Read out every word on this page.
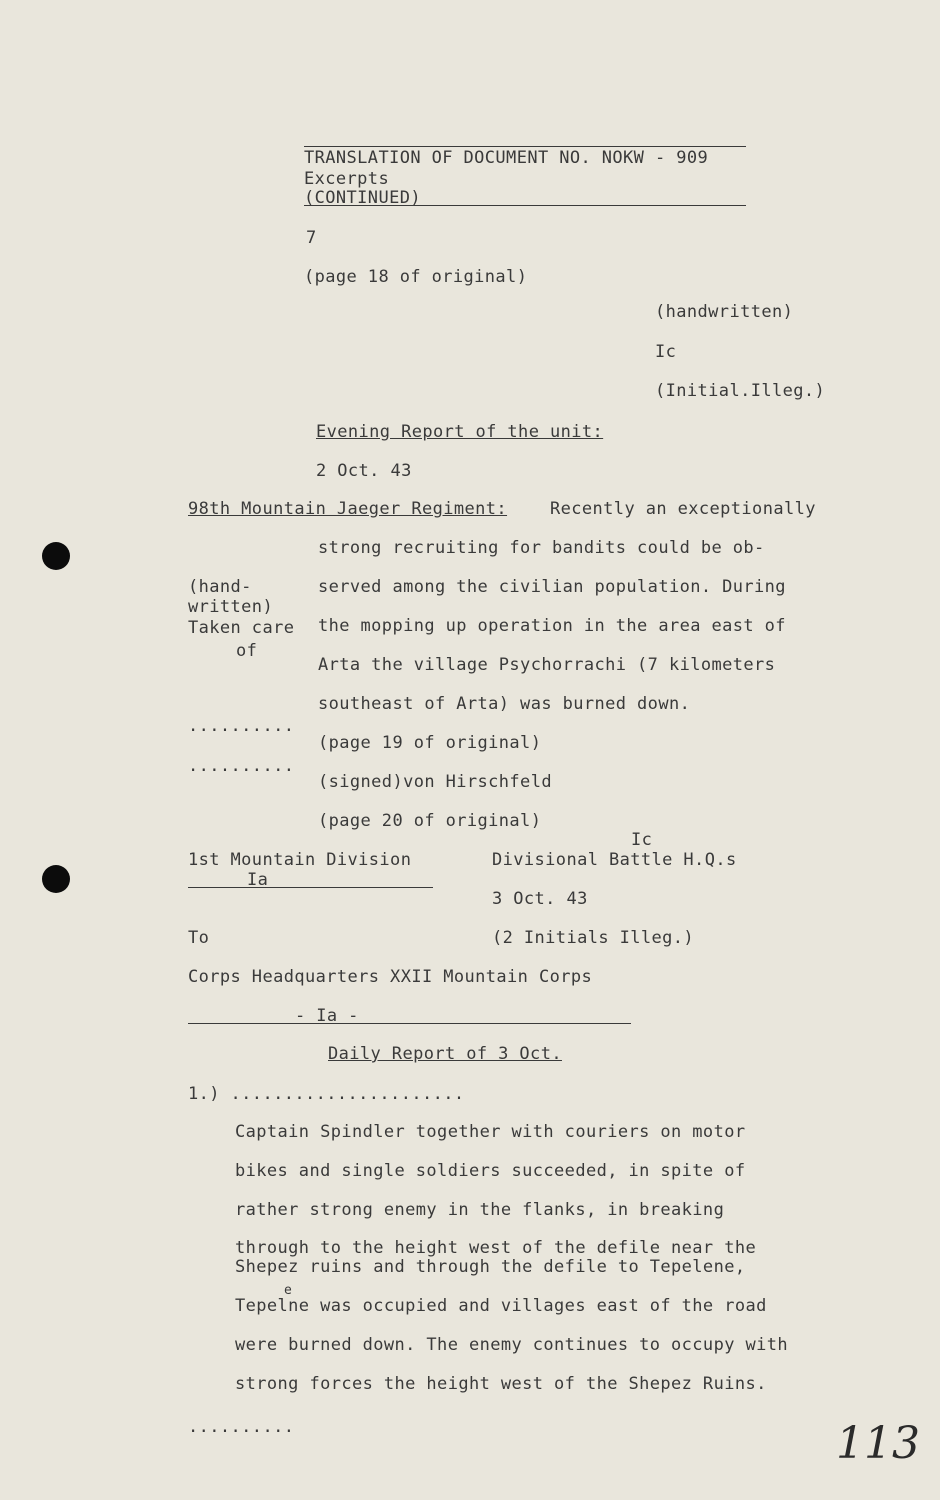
TRANSLATION OF DOCUMENT NO. NOKW - 909
Excerpts
(CONTINUED)
7
(page 18 of original)
(handwritten)
Ic
(Initial.Illeg.)
Evening Report of the unit:
2 Oct. 43
98th Mountain Jaeger Regiment:	Recently an exceptionally
strong recruiting for bandits could be ob-
served among the civilian population. During
the mopping up operation in the area east of
Arta the village Psychorrachi (7 kilometers
southeast of Arta) was burned down.
(hand-
written)
Taken care
of
..........
(page 19 of original)
..........
(signed)von Hirschfeld
(page 20 of original)
Ic
1st Mountain Division	Divisional Battle H.Q.s
Ia
3 Oct. 43
To	(2 Initials Illeg.)
Corps Headquarters XXII Mountain Corps
- Ia -
Daily Report of 3 Oct.
1.) ......................
Captain Spindler together with couriers on motor
bikes and single soldiers succeeded, in spite of
rather strong enemy in the flanks, in breaking
through to the height west of the defile near the
Shepez ruins and through the defile to Tepelene,
e
Tepelne was occupied and villages east of the road
were burned down. The enemy continues to occupy with
strong forces the height west of the Shepez Ruins.
..........	113
